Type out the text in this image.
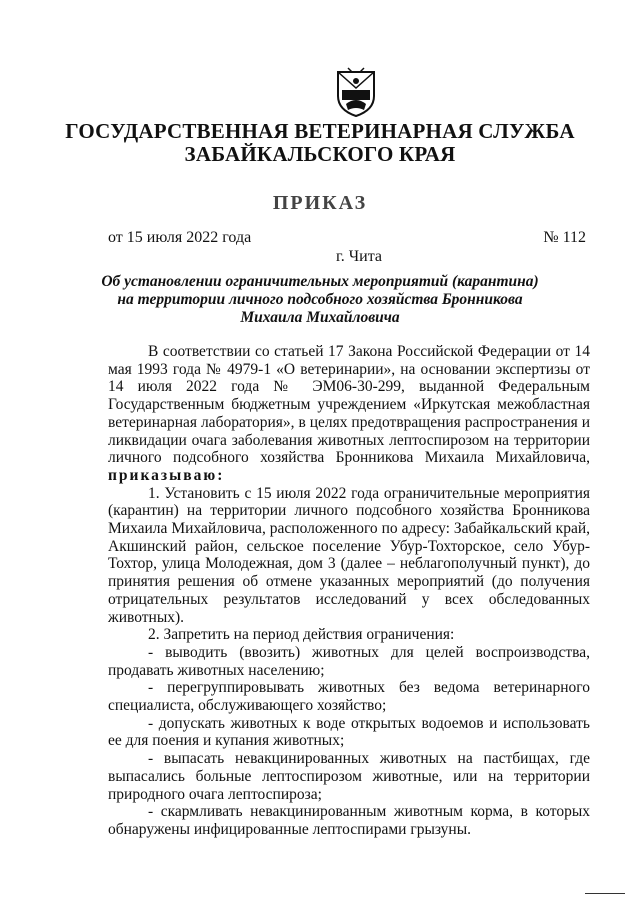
ГОСУДАРСТВЕННАЯ ВЕТЕРИНАРНАЯ СЛУЖБА
ЗАБАЙКАЛЬСКОГО КРАЯ
ПРИКАЗ
от 15 июля 2022 года	№ 112
г. Чита
Об установлении ограничительных мероприятий (карантина) на территории личного подсобного хозяйства Бронникова Михаила Михайловича

В соответствии со статьей 17 Закона Российской Федерации от 14 мая 1993 года № 4979-1 «О ветеринарии», на основании экспертизы от 14 июля 2022 года № ЭМ06-30-299, выданной Федеральным Государственным бюджетным учреждением «Иркутская межобластная ветеринарная лаборатория», в целях предотвращения распространения и ликвидации очага заболевания животных лептоспирозом на территории личного подсобного хозяйства Бронникова Михаила Михайловича, приказываю:

1. Установить с 15 июля 2022 года ограничительные мероприятия (карантин) на территории личного подсобного хозяйства Бронникова Михаила Михайловича, расположенного по адресу: Забайкальский край, Акшинский район, сельское поселение Убур-Тохторское, село Убур-Тохтор, улица Молодежная, дом 3 (далее – неблагополучный пункт), до принятия решения об отмене указанных мероприятий (до получения отрицательных результатов исследований у всех обследованных животных).

2. Запретить на период действия ограничения:

- выводить (ввозить) животных для целей воспроизводства, продавать животных населению;

- перегруппировывать животных без ведома ветеринарного специалиста, обслуживающего хозяйство;

- допускать животных к воде открытых водоемов и использовать ее для поения и купания животных;

- выпасать невакцинированных животных на пастбищах, где выпасались больные лептоспирозом животные, или на территории природного очага лептоспироза;

- скармливать невакцинированным животным корма, в которых обнаружены инфицированные лептоспирами грызуны.
